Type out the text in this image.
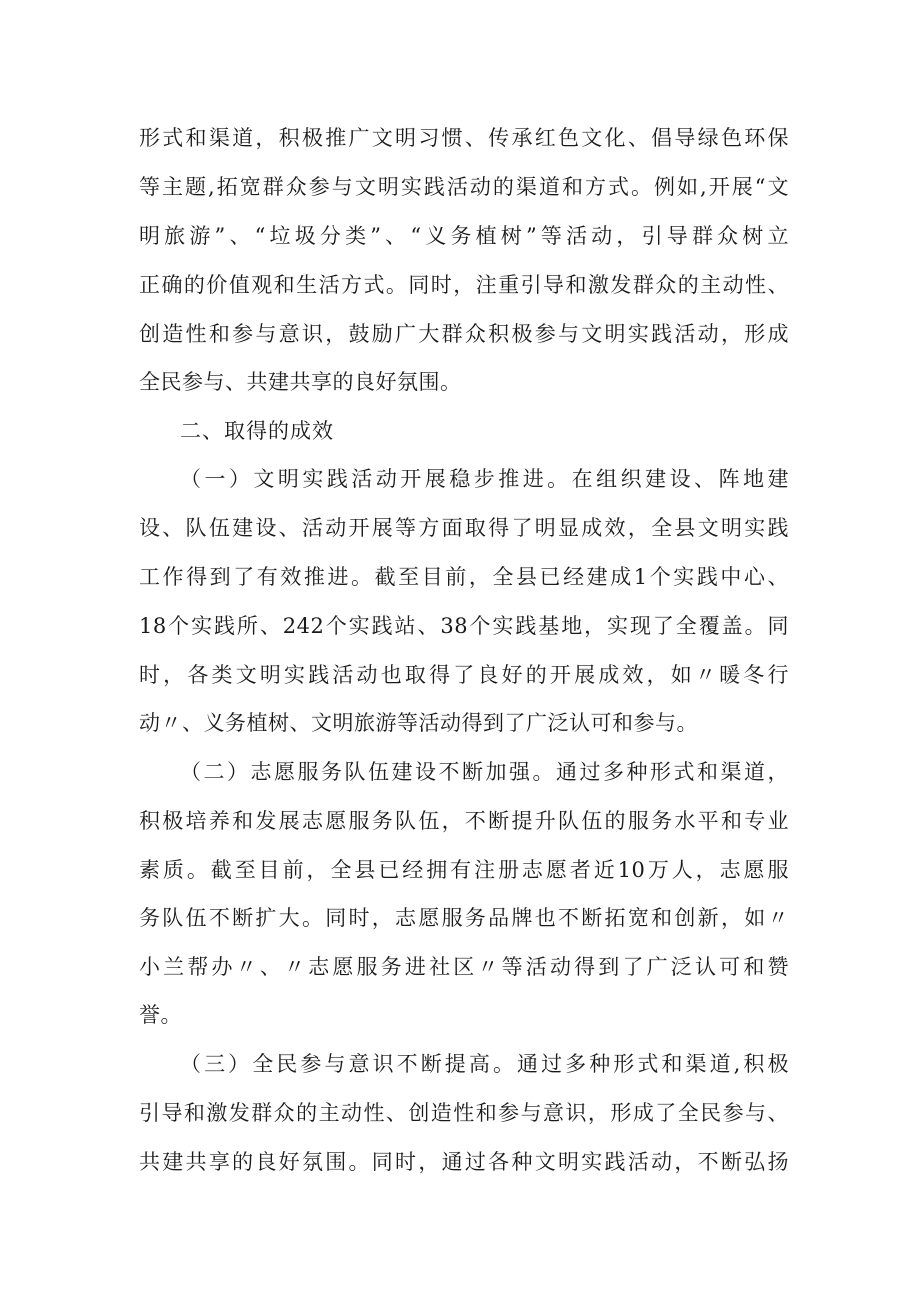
形式和渠道，积极推广文明习惯、传承红色文化、倡导绿色环保
等主题,拓宽群众参与文明实践活动的渠道和方式。例如,开展“文
明旅游”、“垃圾分类”、“义务植树”等活动，引导群众树立
正确的价值观和生活方式。同时，注重引导和激发群众的主动性、
创造性和参与意识，鼓励广大群众积极参与文明实践活动，形成
全民参与、共建共享的良好氛围。
二、取得的成效
（一）文明实践活动开展稳步推进。在组织建设、阵地建
设、队伍建设、活动开展等方面取得了明显成效，全县文明实践
工作得到了有效推进。截至目前，全县已经建成1个实践中心、
18个实践所、242个实践站、38个实践基地，实现了全覆盖。同
时，各类文明实践活动也取得了良好的开展成效，如〃暖冬行
动〃、义务植树、文明旅游等活动得到了广泛认可和参与。
（二）志愿服务队伍建设不断加强。通过多种形式和渠道，
积极培养和发展志愿服务队伍，不断提升队伍的服务水平和专业
素质。截至目前，全县已经拥有注册志愿者近10万人，志愿服
务队伍不断扩大。同时，志愿服务品牌也不断拓宽和创新，如〃
小兰帮办〃、〃志愿服务进社区〃等活动得到了广泛认可和赞
誉。
（三）全民参与意识不断提高。通过多种形式和渠道,积极
引导和激发群众的主动性、创造性和参与意识，形成了全民参与、
共建共享的良好氛围。同时，通过各种文明实践活动，不断弘扬
